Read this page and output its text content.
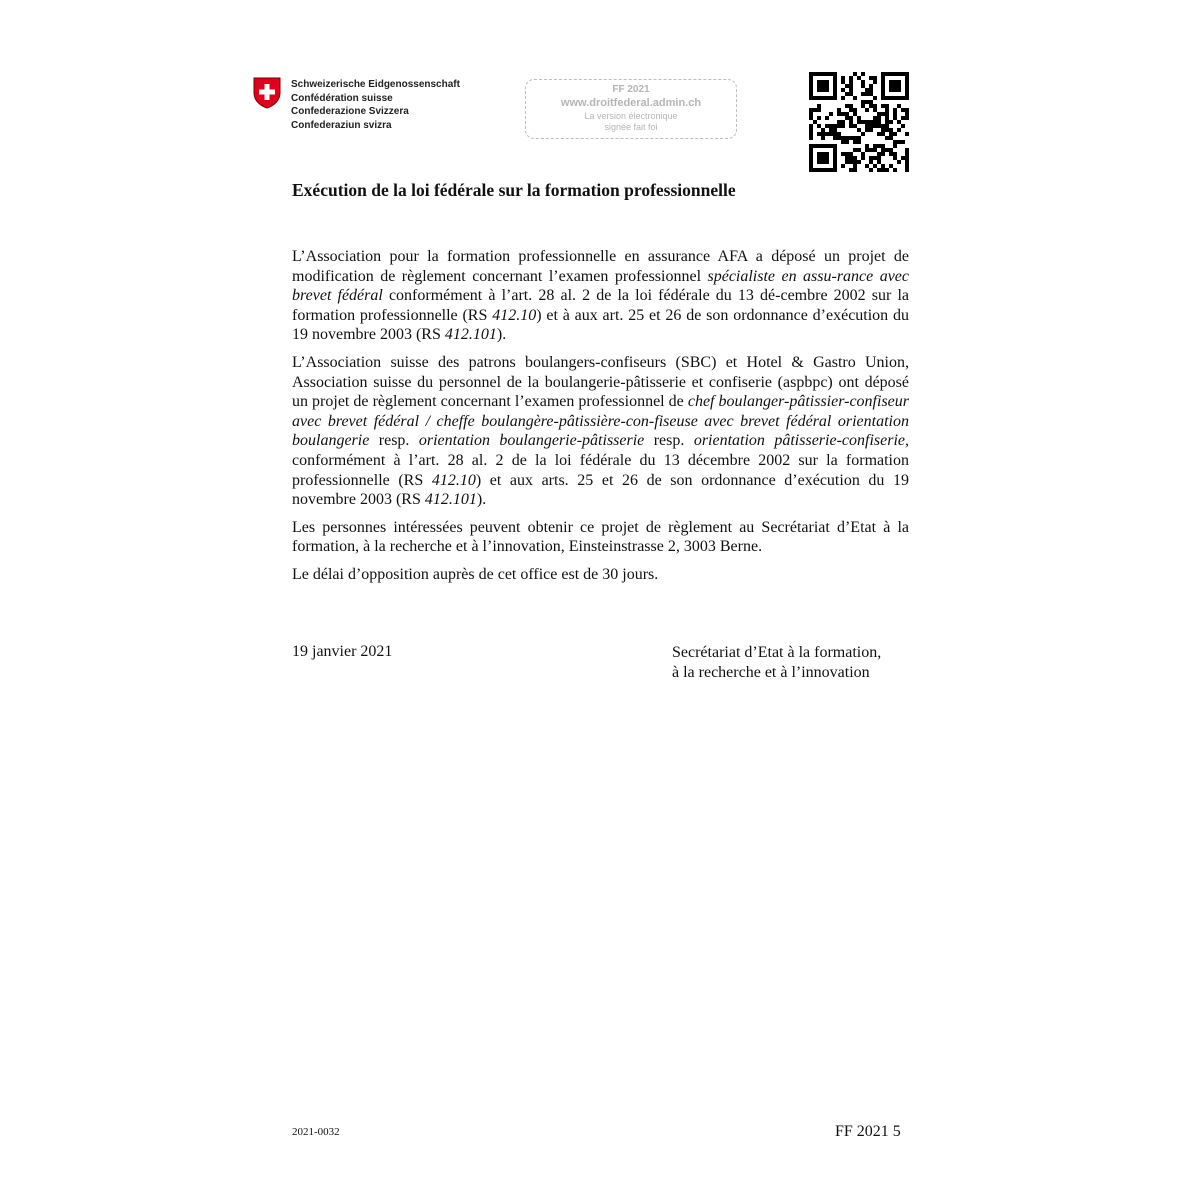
Schweizerische Eidgenossenschaft
Confédération suisse
Confederazione Svizzera
Confederaziun svizra
FF 2021
www.droitfederal.admin.ch
La version électronique
signée fait foi
Exécution de la loi fédérale sur la formation professionnelle

L’Association pour la formation professionnelle en assurance AFA a déposé un projet de modification de règlement concernant l’examen professionnel spécialiste en assu-rance avec brevet fédéral conformément à l’art. 28 al. 2 de la loi fédérale du 13 dé-cembre 2002 sur la formation professionnelle (RS 412.10) et à aux art. 25 et 26 de son ordonnance d’exécution du 19 novembre 2003 (RS 412.101).

L’Association suisse des patrons boulangers-confiseurs (SBC) et Hotel & Gastro Union, Association suisse du personnel de la boulangerie-pâtisserie et confiserie (aspbpc) ont déposé un projet de règlement concernant l’examen professionnel de chef boulanger-pâtissier-confiseur avec brevet fédéral / cheffe boulangère-pâtissière-con-fiseuse avec brevet fédéral orientation boulangerie resp. orientation boulangerie-pâtisserie resp. orientation pâtisserie-confiserie, conformément à l’art. 28 al. 2 de la loi fédérale du 13 décembre 2002 sur la formation professionnelle (RS 412.10) et aux arts. 25 et 26 de son ordonnance d’exécution du 19 novembre 2003 (RS 412.101).

Les personnes intéressées peuvent obtenir ce projet de règlement au Secrétariat d’Etat à la formation, à la recherche et à l’innovation, Einsteinstrasse 2, 3003 Berne.

Le délai d’opposition auprès de cet office est de 30 jours.

19 janvier 2021	Secrétariat d’Etat à la formation,
à la recherche et à l’innovation
2021-0032	FF 2021 5
